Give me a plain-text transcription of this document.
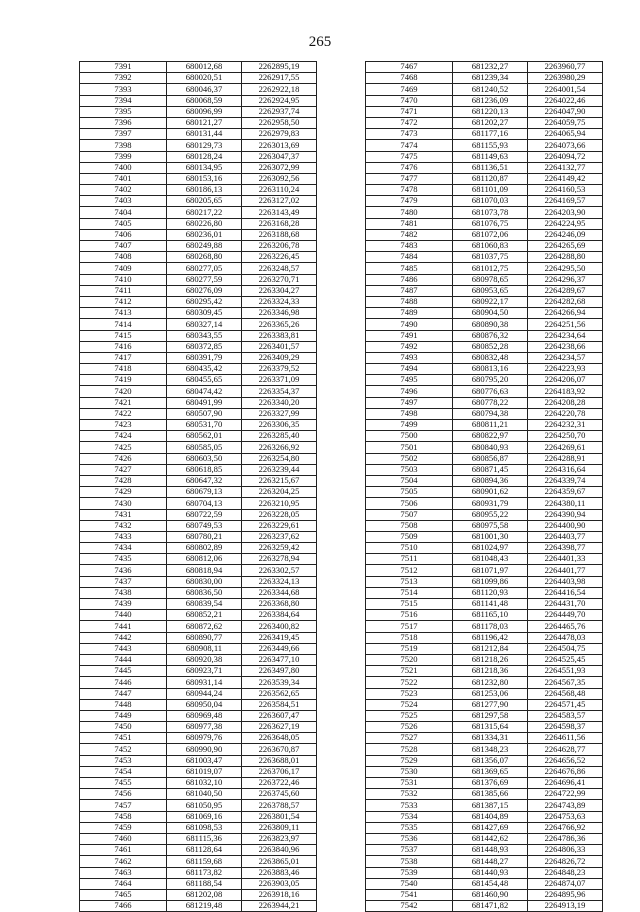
265
7391	680012,68	2262895,19
7392	680020,51	2262917,55
7393	680046,37	2262922,18
7394	680068,59	2262924,95
7395	680096,99	2262937,74
7396	680121,27	2262958,50
7397	680131,44	2262979,83
7398	680129,73	2263013,69
7399	680128,24	2263047,37
7400	680134,95	2263072,99
7401	680153,16	2263092,56
7402	680186,13	2263110,24
7403	680205,65	2263127,02
7404	680217,22	2263143,49
7405	680226,80	2263168,28
7406	680236,01	2263188,68
7407	680249,88	2263206,78
7408	680268,80	2263226,45
7409	680277,05	2263248,57
7410	680277,59	2263270,71
7411	680276,09	2263304,27
7412	680295,42	2263324,33
7413	680309,45	2263346,98
7414	680327,14	2263365,26
7415	680343,55	2263383,81
7416	680372,85	2263401,57
7417	680391,79	2263409,29
7418	680435,42	2263379,52
7419	680455,65	2263371,09
7420	680474,42	2263354,37
7421	680491,99	2263340,20
7422	680507,90	2263327,99
7423	680531,70	2263306,35
7424	680562,01	2263285,40
7425	680585,05	2263266,92
7426	680603,50	2263254,80
7427	680618,85	2263239,44
7428	680647,32	2263215,67
7429	680679,13	2263204,25
7430	680704,13	2263210,95
7431	680722,59	2263228,05
7432	680749,53	2263229,61
7433	680780,21	2263237,62
7434	680802,89	2263259,42
7435	680812,06	2263278,94
7436	680818,94	2263302,57
7437	680830,00	2263324,13
7438	680836,50	2263344,68
7439	680839,54	2263368,80
7440	680852,21	2263384,64
7441	680872,62	2263400,82
7442	680890,77	2263419,45
7443	680908,11	2263449,66
7444	680920,38	2263477,10
7445	680923,71	2263497,80
7446	680931,14	2263539,34
7447	680944,24	2263562,65
7448	680950,04	2263584,51
7449	680969,48	2263607,47
7450	680977,38	2263627,19
7451	680979,76	2263648,05
7452	680990,90	2263670,87
7453	681003,47	2263688,01
7454	681019,07	2263706,17
7455	681032,10	2263722,46
7456	681040,50	2263745,60
7457	681050,95	2263788,57
7458	681069,16	2263801,54
7459	681098,53	2263809,11
7460	681115,36	2263823,97
7461	681128,64	2263840,96
7462	681159,68	2263865,01
7463	681173,82	2263883,46
7464	681188,54	2263903,05
7465	681202,08	2263918,16
7466	681219,48	2263944,21
7467	681232,27	2263960,77
7468	681239,34	2263980,29
7469	681240,52	2264001,54
7470	681236,09	2264022,46
7471	681220,13	2264047,90
7472	681202,27	2264059,75
7473	681177,16	2264065,94
7474	681155,93	2264073,66
7475	681149,63	2264094,72
7476	681136,51	2264132,77
7477	681120,87	2264149,42
7478	681101,09	2264160,53
7479	681070,03	2264169,57
7480	681073,78	2264203,90
7481	681076,75	2264224,95
7482	681072,06	2264246,09
7483	681060,83	2264265,69
7484	681037,75	2264288,80
7485	681012,75	2264295,50
7486	680978,65	2264296,37
7487	680953,65	2264289,67
7488	680922,17	2264282,68
7489	680904,50	2264266,94
7490	680890,38	2264251,56
7491	680876,32	2264234,64
7492	680852,28	2264238,66
7493	680832,48	2264234,57
7494	680813,16	2264223,93
7495	680795,20	2264206,07
7496	680776,63	2264183,92
7497	680778,22	2264208,28
7498	680794,38	2264220,78
7499	680811,21	2264232,31
7500	680822,97	2264250,70
7501	680840,93	2264269,61
7502	680856,87	2264288,91
7503	680871,45	2264316,64
7504	680894,36	2264339,74
7505	680901,62	2264359,67
7506	680931,79	2264380,11
7507	680955,22	2264390,94
7508	680975,58	2264400,90
7509	681001,30	2264403,77
7510	681024,97	2264398,77
7511	681048,43	2264401,33
7512	681071,97	2264401,77
7513	681099,86	2264403,98
7514	681120,93	2264416,54
7515	681141,48	2264431,70
7516	681165,10	2264449,70
7517	681178,03	2264465,76
7518	681196,42	2264478,03
7519	681212,84	2264504,75
7520	681218,26	2264525,45
7521	681218,36	2264551,93
7522	681232,80	2264567,35
7523	681253,06	2264568,48
7524	681277,90	2264571,45
7525	681297,58	2264583,57
7526	681315,64	2264598,37
7527	681334,31	2264611,56
7528	681348,23	2264628,77
7529	681356,07	2264656,52
7530	681369,65	2264676,86
7531	681376,69	2264696,41
7532	681385,66	2264722,99
7533	681387,15	2264743,89
7534	681404,89	2264753,63
7535	681427,69	2264766,92
7536	681442,62	2264786,36
7537	681448,93	2264806,33
7538	681448,27	2264826,72
7539	681440,93	2264848,23
7540	681454,48	2264874,07
7541	681460,90	2264895,96
7542	681471,82	2264913,19
